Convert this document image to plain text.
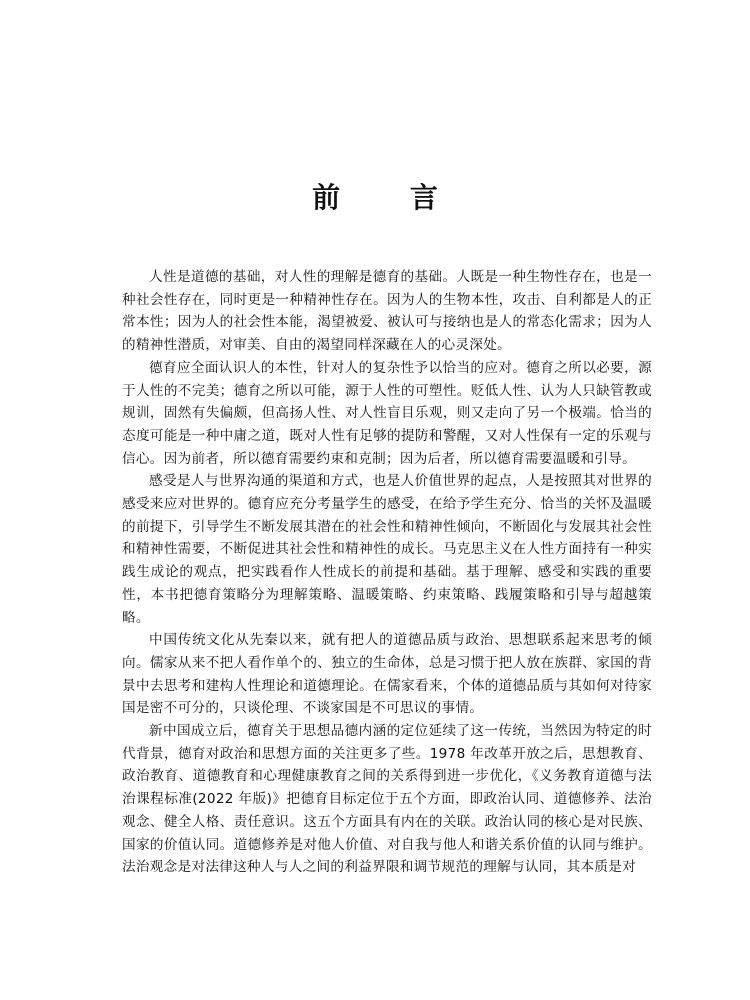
前 言

人性是道德的基础，对人性的理解是德育的基础。人既是一种生物性存在，也是一种社会性存在，同时更是一种精神性存在。因为人的生物本性，攻击、自利都是人的正常本性；因为人的社会性本能，渴望被爱、被认可与接纳也是人的常态化需求；因为人的精神性潜质，对审美、自由的渴望同样深藏在人的心灵深处。

德育应全面认识人的本性，针对人的复杂性予以恰当的应对。德育之所以必要，源于人性的不完美；德育之所以可能，源于人性的可塑性。贬低人性、认为人只缺管教或规训，固然有失偏颇，但高扬人性、对人性盲目乐观，则又走向了另一个极端。恰当的态度可能是一种中庸之道，既对人性有足够的提防和警醒，又对人性保有一定的乐观与信心。因为前者，所以德育需要约束和克制；因为后者，所以德育需要温暖和引导。

感受是人与世界沟通的渠道和方式，也是人价值世界的起点，人是按照其对世界的感受来应对世界的。德育应充分考量学生的感受，在给予学生充分、恰当的关怀及温暖的前提下，引导学生不断发展其潜在的社会性和精神性倾向，不断固化与发展其社会性和精神性需要，不断促进其社会性和精神性的成长。马克思主义在人性方面持有一种实践生成论的观点，把实践看作人性成长的前提和基础。基于理解、感受和实践的重要性，本书把德育策略分为理解策略、温暖策略、约束策略、践履策略和引导与超越策略。

中国传统文化从先秦以来，就有把人的道德品质与政治、思想联系起来思考的倾向。儒家从来不把人看作单个的、独立的生命体，总是习惯于把人放在族群、家国的背景中去思考和建构人性理论和道德理论。在儒家看来，个体的道德品质与其如何对待家国是密不可分的，只谈伦理、不谈家国是不可思议的事情。

新中国成立后，德育关于思想品德内涵的定位延续了这一传统，当然因为特定的时代背景，德育对政治和思想方面的关注更多了些。1978 年改革开放之后，思想教育、政治教育、道德教育和心理健康教育之间的关系得到进一步优化，《义务教育道德与法治课程标准(2022 年版)》把德育目标定位于五个方面，即政治认同、道德修养、法治观念、健全人格、责任意识。这五个方面具有内在的关联。政治认同的核心是对民族、国家的价值认同。道德修养是对他人价值、对自我与他人和谐关系价值的认同与维护。法治观念是对法律这种人与人之间的利益界限和调节规范的理解与认同，其本质是对
